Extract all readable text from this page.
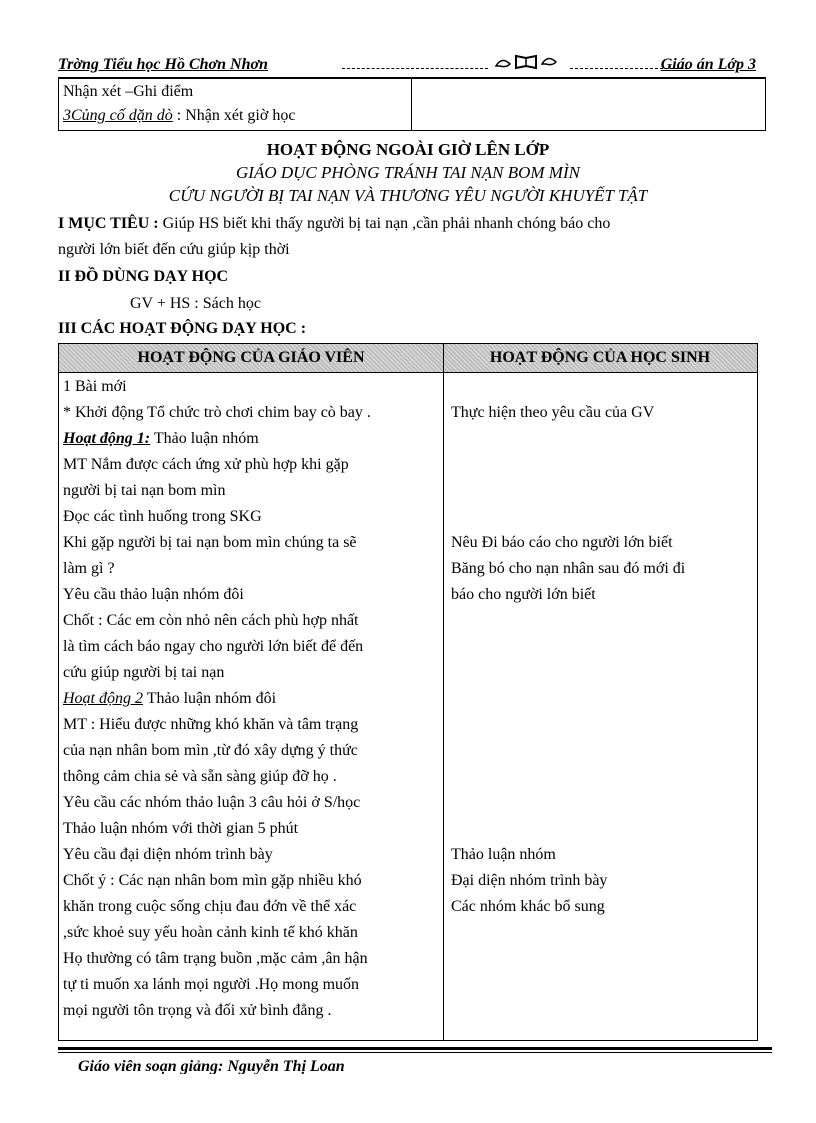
Trờng Tiểu học Hồ Chơn Nhơn	Giáo án Lớp 3
Nhận xét –Ghi điểm
3Củng cố dặn dò : Nhận xét giờ học
HOẠT ĐỘNG NGOÀI GIỜ LÊN LỚP
GIÁO DỤC PHÒNG TRÁNH TAI NẠN BOM MÌN
CỨU NGƯỜI BỊ TAI NẠN VÀ THƯƠNG YÊU NGƯỜI KHUYẾT TẬT
I MỤC TIÊU : Giúp HS biết khi thấy người bị tai nạn ,cần phải nhanh chóng báo cho
người lớn biết đến cứu giúp kịp thời
II ĐỒ DÙNG DẠY HỌC
GV + HS : Sách học
III CÁC HOẠT ĐỘNG DẠY HỌC :
HOẠT ĐỘNG CỦA GIÁO VIÊN	HOẠT ĐỘNG CỦA HỌC SINH
1 Bài mới
* Khởi động Tổ chức trò chơi chim bay cò bay .
Hoạt động 1: Thảo luận nhóm
MT Nắm được cách ứng xử phù hợp khi gặp
người bị tai nạn bom mìn
Đọc các tình huống trong SKG
Khi gặp người bị tai nạn bom mìn chúng ta sẽ
làm gì ?
Yêu cầu thảo luận nhóm đôi
Chốt : Các em còn nhỏ nên cách phù hợp nhất
là tìm cách báo ngay cho người lớn biết để đến
cứu giúp người bị tai nạn
Hoạt động 2 Thảo luận nhóm đôi
MT : Hiểu được những khó khăn và tâm trạng
của nạn nhân bom mìn ,từ đó xây dựng ý thức
thông cảm chia sẻ và sẵn sàng giúp đỡ họ .
Yêu cầu các nhóm thảo luận 3 câu hỏi ở S/học
Thảo luận nhóm với thời gian 5 phút
Yêu cầu đại diện nhóm trình bày
Chốt ý : Các nạn nhân bom mìn gặp nhiều khó
khăn trong cuộc sống chịu đau đớn về thể xác
,sức khoẻ suy yếu hoàn cảnh kinh tế khó khăn
Họ thường có tâm trạng buồn ,mặc cảm ,ân hận
tự ti muốn xa lánh mọi người .Họ mong muốn
mọi người tôn trọng và đối xử bình đẳng .
Thực hiện theo yêu cầu của GV
Nêu Đi báo cáo cho người lớn biết
Băng bó cho nạn nhân sau đó mới đi
báo cho người lớn biết
Thảo luận nhóm
Đại diện nhóm trình bày
Các nhóm khác bổ sung
Giáo viên soạn giảng: Nguyễn Thị Loan
